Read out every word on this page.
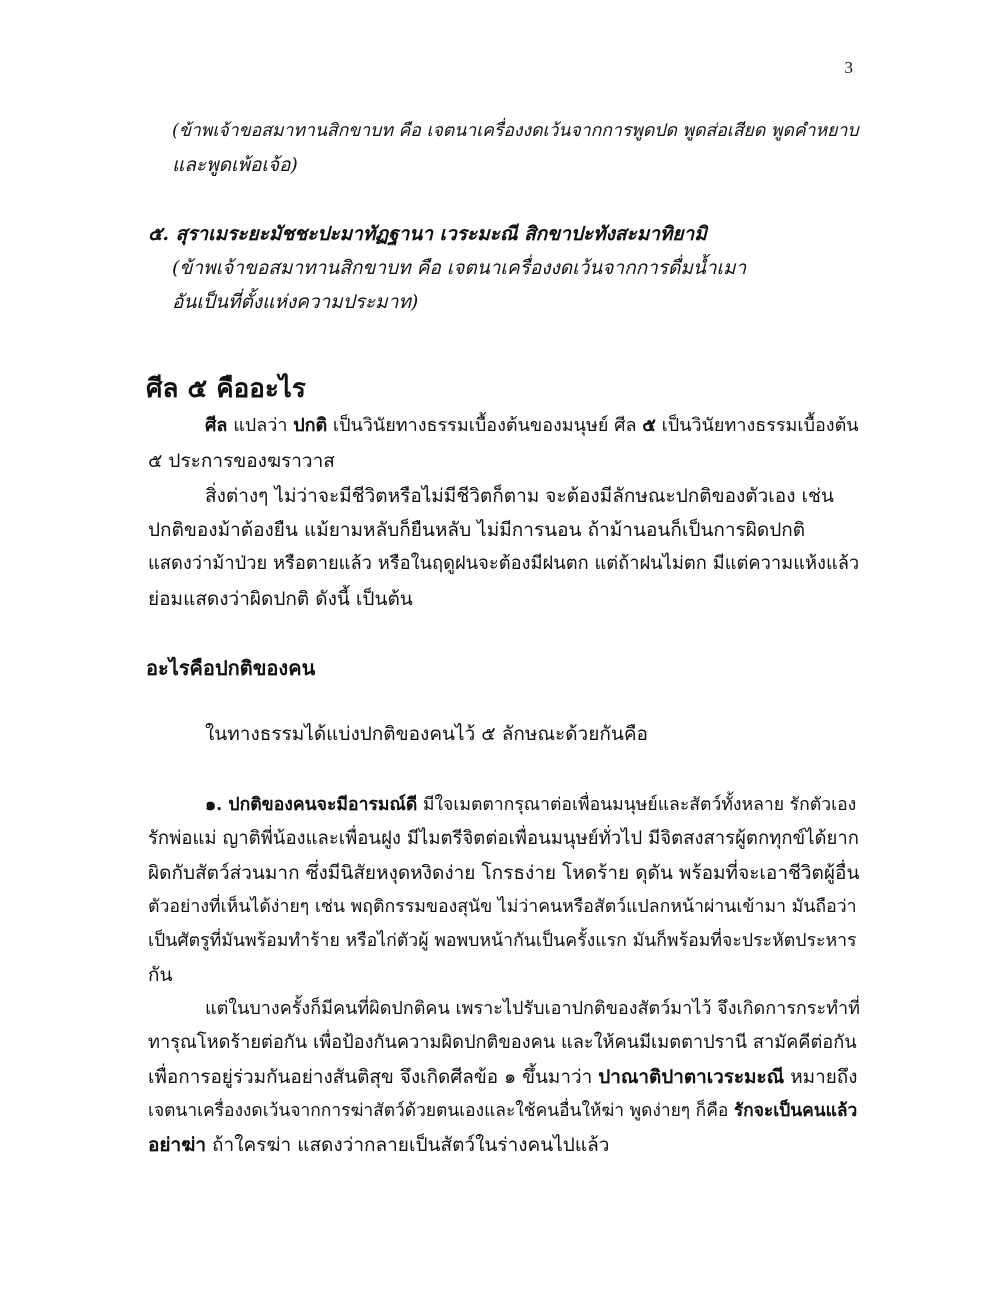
3
(ข้าพเจ้าขอสมาทานสิกขาบท คือ เจตนาเครื่องงดเว้นจากการพูดปด พูดส่อเสียด พูดคำหยาบ
และพูดเพ้อเจ้อ)
๕. สุราเมระยะมัชชะปะมาทัฏฐานา เวระมะณี สิกขาปะทังสะมาทิยามิ
(ข้าพเจ้าขอสมาทานสิกขาบท คือ เจตนาเครื่องงดเว้นจากการดื่มน้ำเมา
อันเป็นที่ตั้งแห่งความประมาท)
ศีล ๕ คืออะไร
ศีล แปลว่า ปกติ เป็นวินัยทางธรรมเบื้องต้นของมนุษย์ ศีล ๕ เป็นวินัยทางธรรมเบื้องต้น
๕ ประการของฆราวาส
สิ่งต่างๆ ไม่ว่าจะมีชีวิตหรือไม่มีชีวิตก็ตาม จะต้องมีลักษณะปกติของตัวเอง เช่น
ปกติของม้าต้องยืน แม้ยามหลับก็ยืนหลับ ไม่มีการนอน ถ้าม้านอนก็เป็นการผิดปกติ
แสดงว่าม้าป่วย หรือตายแล้ว หรือในฤดูฝนจะต้องมีฝนตก แต่ถ้าฝนไม่ตก มีแต่ความแห้งแล้ว
ย่อมแสดงว่าผิดปกติ ดังนี้ เป็นต้น
อะไรคือปกติของคน
ในทางธรรมได้แบ่งปกติของคนไว้ ๕ ลักษณะด้วยกันคือ
๑. ปกติของคนจะมีอารมณ์ดี มีใจเมตตากรุณาต่อเพื่อนมนุษย์และสัตว์ทั้งหลาย รักตัวเอง
รักพ่อแม่ ญาติพี่น้องและเพื่อนฝูง มีไมตรีจิตต่อเพื่อนมนุษย์ทั่วไป มีจิตสงสารผู้ตกทุกข์ได้ยาก
ผิดกับสัตว์ส่วนมาก ซึ่งมีนิสัยหงุดหงิดง่าย โกรธง่าย โหดร้าย ดุดัน พร้อมที่จะเอาชีวิตผู้อื่น
ตัวอย่างที่เห็นได้ง่ายๆ เช่น พฤติกรรมของสุนัข ไม่ว่าคนหรือสัตว์แปลกหน้าผ่านเข้ามา มันถือว่า
เป็นศัตรูที่มันพร้อมทำร้าย หรือไก่ตัวผู้ พอพบหน้ากันเป็นครั้งแรก มันก็พร้อมที่จะประหัตประหาร
กัน
แต่ในบางครั้งก็มีคนที่ผิดปกติคน เพราะไปรับเอาปกติของสัตว์มาไว้ จึงเกิดการกระทำที่
ทารุณโหดร้ายต่อกัน เพื่อป้องกันความผิดปกติของคน และให้คนมีเมตตาปรานี สามัคคีต่อกัน
เพื่อการอยู่ร่วมกันอย่างสันติสุข จึงเกิดศีลข้อ ๑ ขึ้นมาว่า ปาณาติปาตาเวระมะณี หมายถึง
เจตนาเครื่องงดเว้นจากการฆ่าสัตว์ด้วยตนเองและใช้คนอื่นให้ฆ่า พูดง่ายๆ ก็คือ รักจะเป็นคนแล้ว
อย่าฆ่า ถ้าใครฆ่า แสดงว่ากลายเป็นสัตว์ในร่างคนไปแล้ว
